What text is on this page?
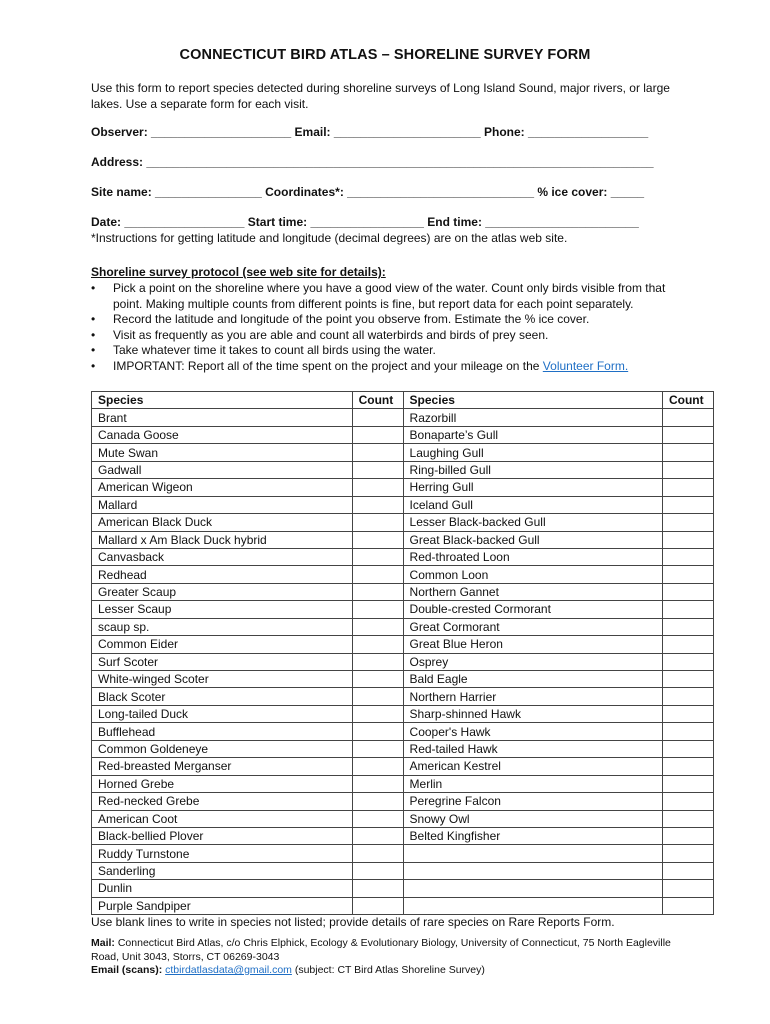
CONNECTICUT BIRD ATLAS – SHORELINE SURVEY FORM
Use this form to report species detected during shoreline surveys of Long Island Sound, major rivers, or large lakes. Use a separate form for each visit.
Observer: _____________________ Email: ______________________ Phone: __________________
Address: ____________________________________________________________________________
Site name: ________________ Coordinates*: ____________________________ % ice cover: _____
Date: __________________ Start time: _________________ End time: _______________________
*Instructions for getting latitude and longitude (decimal degrees) are on the atlas web site.
Shoreline survey protocol (see web site for details):
• Pick a point on the shoreline where you have a good view of the water. Count only birds visible from that point. Making multiple counts from different points is fine, but report data for each point separately.
• Record the latitude and longitude of the point you observe from. Estimate the % ice cover.
• Visit as frequently as you are able and count all waterbirds and birds of prey seen.
• Take whatever time it takes to count all birds using the water.
• IMPORTANT: Report all of the time spent on the project and your mileage on the Volunteer Form.
Species	Count	Species	Count
Brant		Razorbill	
Canada Goose		Bonaparte’s Gull	
Mute Swan		Laughing Gull	
Gadwall		Ring-billed Gull	
American Wigeon		Herring Gull	
Mallard		Iceland Gull	
American Black Duck		Lesser Black-backed Gull	
Mallard x Am Black Duck hybrid		Great Black-backed Gull	
Canvasback		Red-throated Loon	
Redhead		Common Loon	
Greater Scaup		Northern Gannet	
Lesser Scaup		Double-crested Cormorant	
scaup sp.		Great Cormorant	
Common Eider		Great Blue Heron	
Surf Scoter		Osprey	
White-winged Scoter		Bald Eagle	
Black Scoter		Northern Harrier	
Long-tailed Duck		Sharp-shinned Hawk	
Bufflehead		Cooper's Hawk	
Common Goldeneye		Red-tailed Hawk	
Red-breasted Merganser		American Kestrel	
Horned Grebe		Merlin	
Red-necked Grebe		Peregrine Falcon	
American Coot		Snowy Owl	
Black-bellied Plover		Belted Kingfisher	
Ruddy Turnstone			
Sanderling			
Dunlin			
Purple Sandpiper			
Use blank lines to write in species not listed; provide details of rare species on Rare Reports Form.
Mail: Connecticut Bird Atlas, c/o Chris Elphick, Ecology & Evolutionary Biology, University of Connecticut, 75 North Eagleville Road, Unit 3043, Storrs, CT 06269-3043
Email (scans): ctbirdatlasdata@gmail.com (subject: CT Bird Atlas Shoreline Survey)
